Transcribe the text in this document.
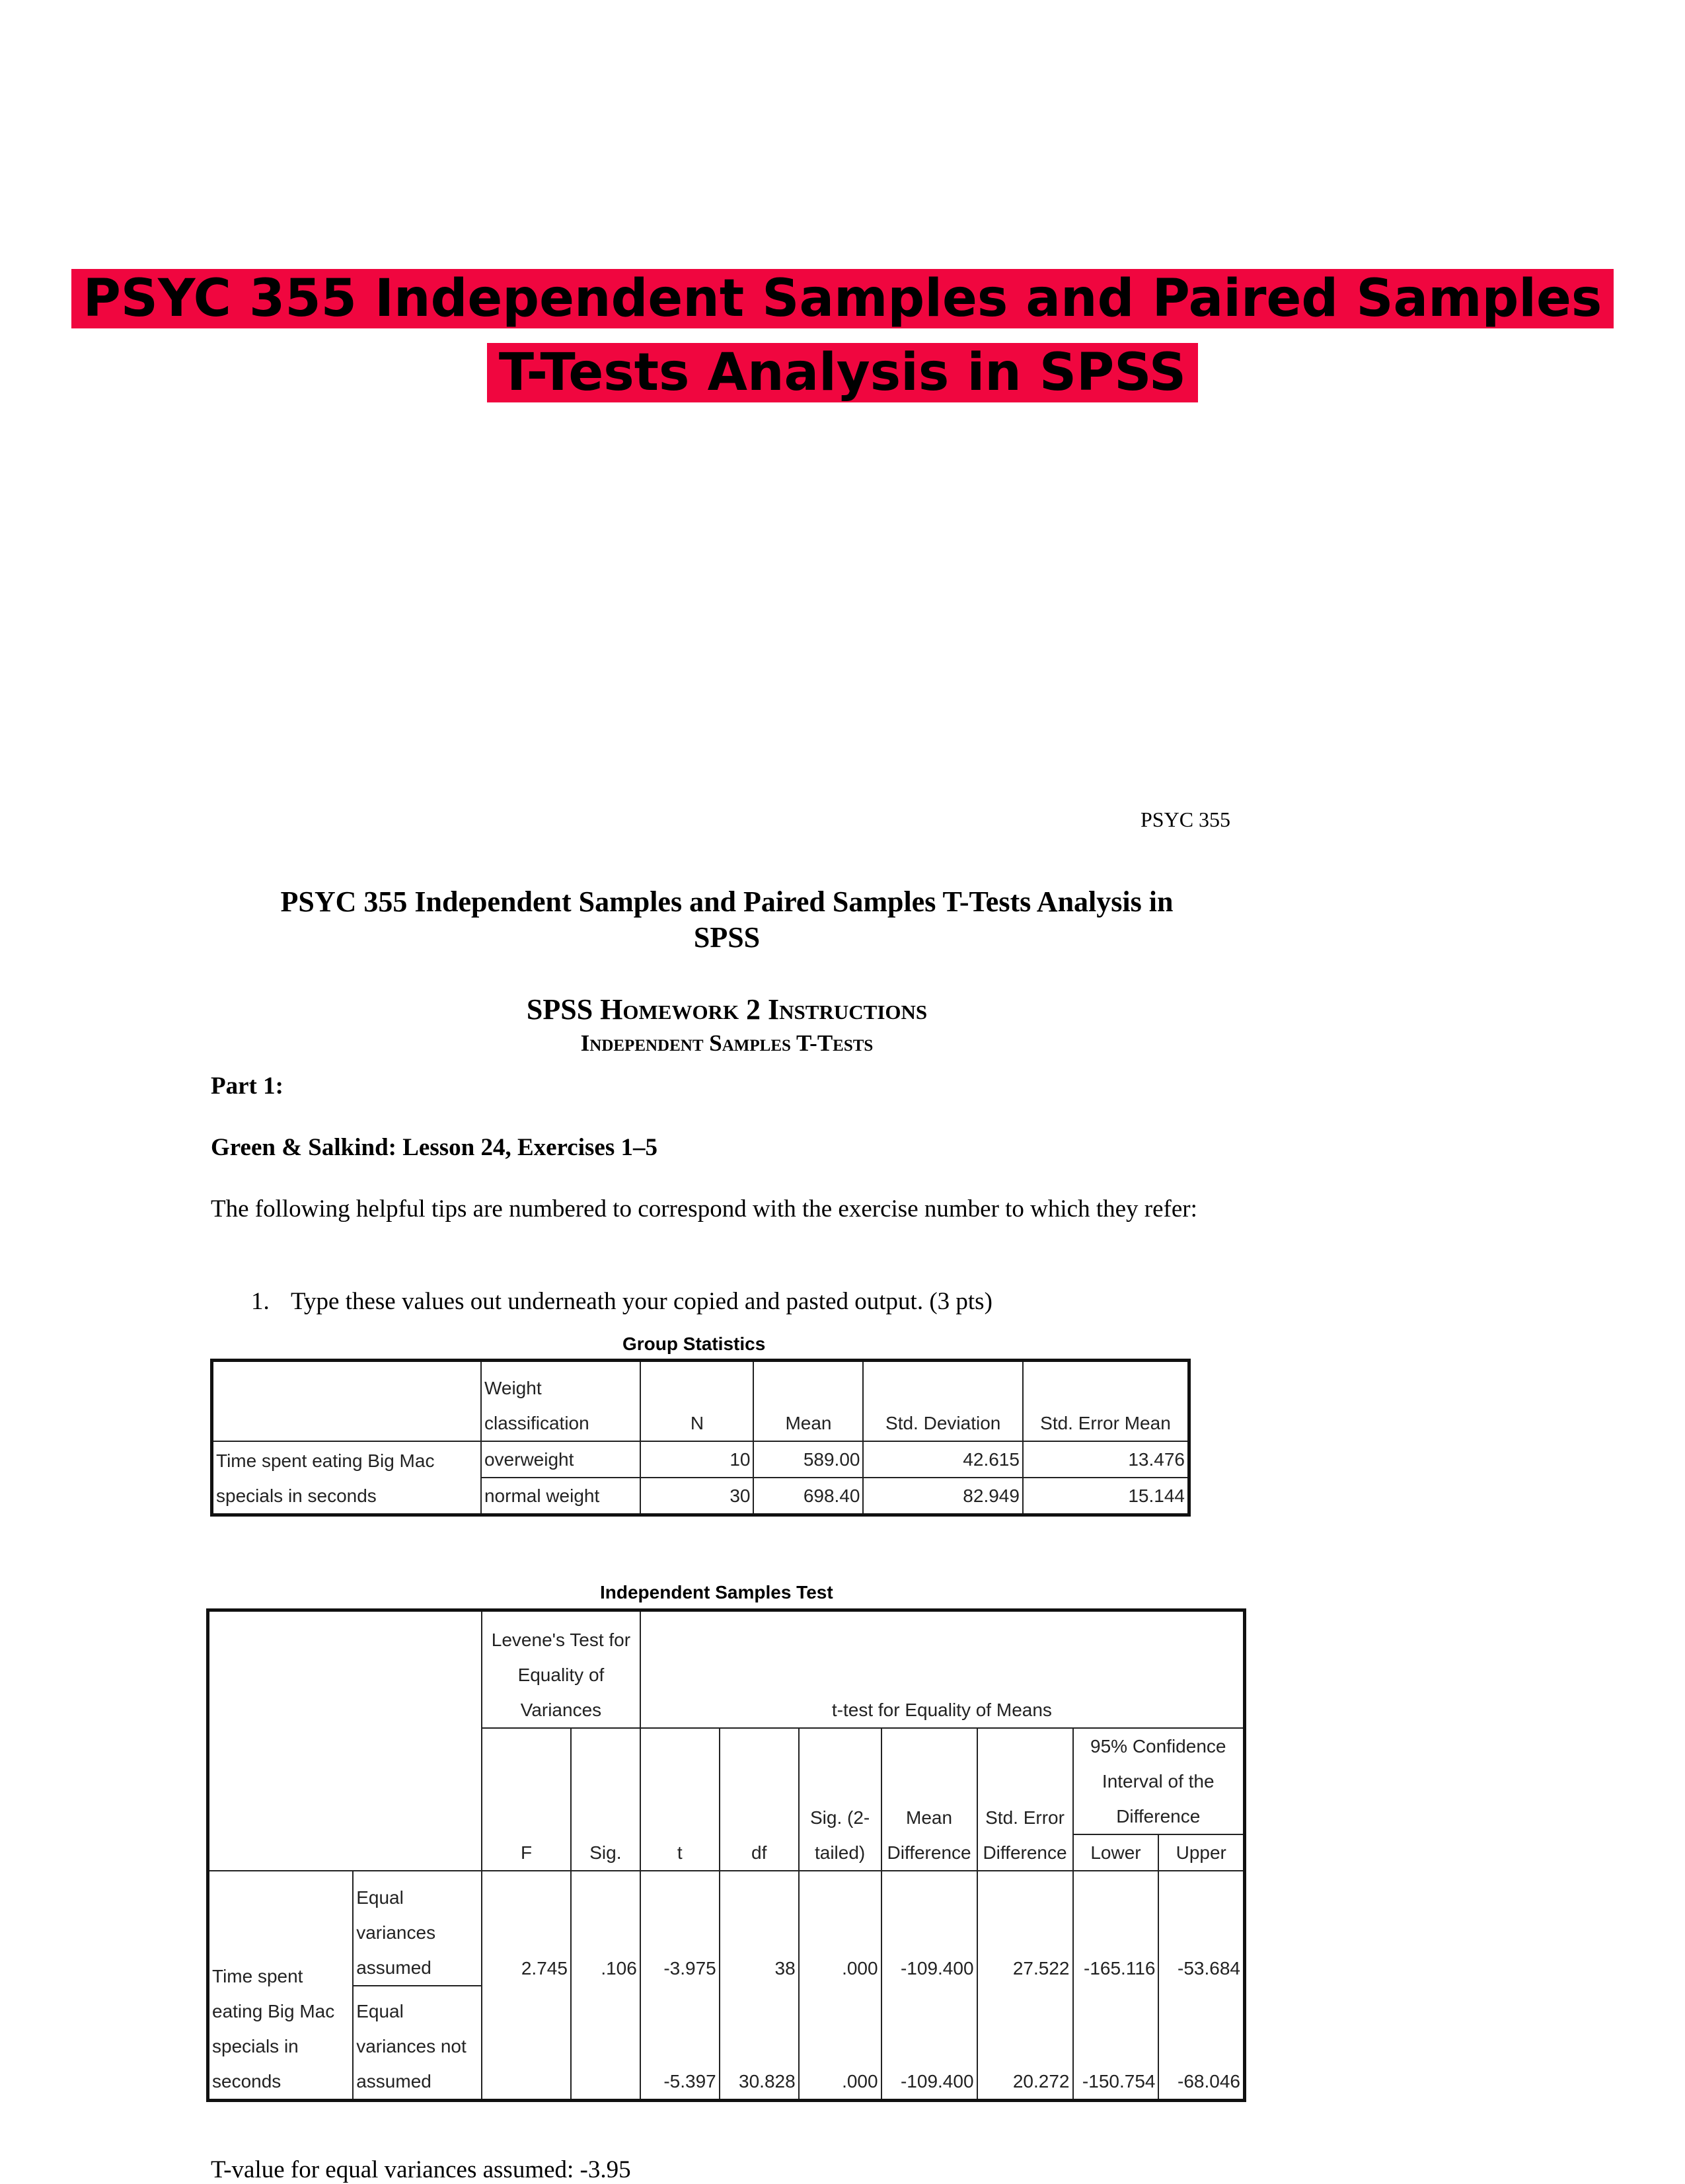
PSYC 355 Independent Samples and Paired Samples
T-Tests Analysis in SPSS
PSYC 355
PSYC 355 Independent Samples and Paired Samples T-Tests Analysis in
SPSS
SPSS Homework 2 Instructions
Independent Samples T-Tests
Part 1:
Green & Salkind: Lesson 24, Exercises 1–5
The following helpful tips are numbered to correspond with the exercise number to which they refer:
1. Type these values out underneath your copied and pasted output. (3 pts)
Group Statistics
	Weight classification	N	Mean	Std. Deviation	Std. Error Mean
Time spent eating Big Mac specials in seconds	overweight	10	589.00	42.615	13.476
	normal weight	30	698.40	82.949	15.144
Independent Samples Test
		Levene's Test for Equality of Variances		t-test for Equality of Means						
		F	Sig.	t	df	Sig. (2-tailed)	Mean Difference	Std. Error Difference	95% Confidence Interval of the Difference	
									Lower	Upper
Time spent eating Big Mac specials in seconds	Equal variances assumed	2.745	.106	-3.975	38	.000	-109.400	27.522	-165.116	-53.684
	Equal variances not assumed			-5.397	30.828	.000	-109.400	20.272	-150.754	-68.046
T-value for equal variances assumed: -3.95
